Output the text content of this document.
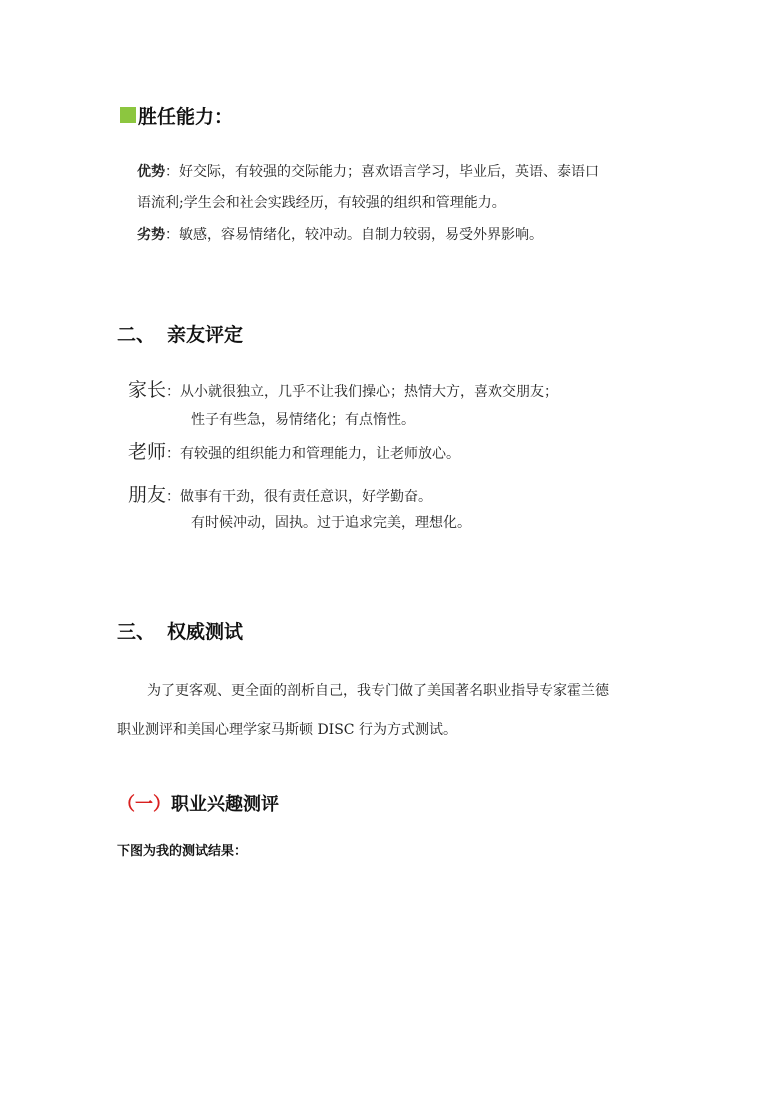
胜任能力：
优势：好交际，有较强的交际能力；喜欢语言学习，毕业后，英语、泰语口
语流利;学生会和社会实践经历，有较强的组织和管理能力。
劣势：敏感，容易情绪化，较冲动。自制力较弱，易受外界影响。
二、 亲友评定
家长：从小就很独立，几乎不让我们操心；热情大方，喜欢交朋友；
性子有些急，易情绪化；有点惰性。
老师：有较强的组织能力和管理能力，让老师放心。
朋友：做事有干劲，很有责任意识，好学勤奋。
有时候冲动，固执。过于追求完美，理想化。
三、 权威测试
为了更客观、更全面的剖析自己，我专门做了美国著名职业指导专家霍兰德
职业测评和美国心理学家马斯顿 DISC 行为方式测试。
（一）职业兴趣测评
下图为我的测试结果：
